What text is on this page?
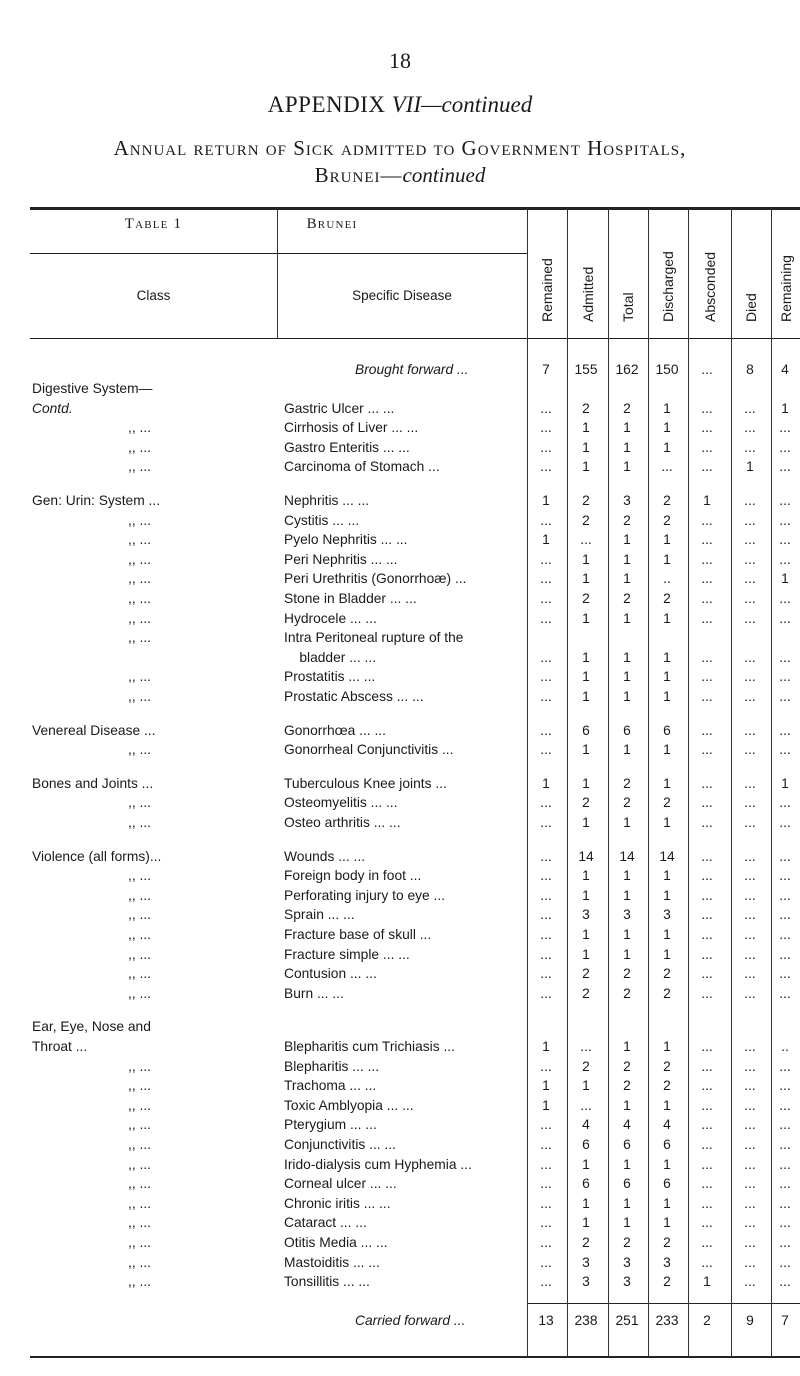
18
APPENDIX VII—continued
Annual return of Sick admitted to Government Hospitals,
Brunei—continued
Table 1	Brunei
Class	Specific Disease	Remained Admitted Total Discharged Absconded Died Remaining
Brought forward ...	7	155	162	150	...	8	4
Digestive System—
Contd.	Gastric Ulcer ... ...	...	2	2	1	...	...	1
,, ...	Cirrhosis of Liver ... ...	...	1	1	1	...	...	...
,, ...	Gastro Enteritis ... ...	...	1	1	1	...	...	...
,, ...	Carcinoma of Stomach ...	...	1	1	...	...	1	...
Gen: Urin: System ...	Nephritis ... ...	1	2	3	2	1	...	...
,, ...	Cystitis ... ...	...	2	2	2	...	...	...
,, ...	Pyelo Nephritis ... ...	1	...	1	1	...	...	...
,, ...	Peri Nephritis ... ...	...	1	1	1	...	...	...
,, ...	Peri Urethritis (Gonorrhoæ) ...	...	1	1	..	...	...	1
,, ...	Stone in Bladder ... ...	...	2	2	2	...	...	...
,, ...	Hydrocele ... ...	...	1	1	1	...	...	...
,, ...	Intra Peritoneal rupture of the
bladder ... ...	...	1	1	1	...	...	...
,, ...	Prostatitis ... ...	...	1	1	1	...	...	...
,, ...	Prostatic Abscess ... ...	...	1	1	1	...	...	...
Venereal Disease ...	Gonorrhœa ... ...	...	6	6	6	...	...	...
,, ...	Gonorrheal Conjunctivitis ...	...	1	1	1	...	...	...
Bones and Joints ...	Tuberculous Knee joints ...	1	1	2	1	...	...	1
,, ...	Osteomyelitis ... ...	...	2	2	2	...	...	...
,, ...	Osteo arthritis ... ...	...	1	1	1	...	...	...
Violence (all forms)...	Wounds ... ...	...	14	14	14	...	...	...
,, ...	Foreign body in foot ...	...	1	1	1	...	...	...
,, ...	Perforating injury to eye ...	...	1	1	1	...	...	...
,, ...	Sprain ... ...	...	3	3	3	...	...	...
,, ...	Fracture base of skull ...	...	1	1	1	...	...	...
,, ...	Fracture simple ... ...	...	1	1	1	...	...	...
,, ...	Contusion ... ...	...	2	2	2	...	...	...
,, ...	Burn ... ...	...	2	2	2	...	...	...
Ear, Eye, Nose and
Throat ...	Blepharitis cum Trichiasis ...	1	...	1	1	...	...	..
,, ...	Blepharitis ... ...	...	2	2	2	...	...	...
,, ...	Trachoma ... ...	1	1	2	2	...	...	...
,, ...	Toxic Amblyopia ... ...	1	...	1	1	...	...	...
,, ...	Pterygium ... ...	...	4	4	4	...	...	...
,, ...	Conjunctivitis ... ...	...	6	6	6	...	...	...
,, ...	Irido-dialysis cum Hyphemia ...	...	1	1	1	...	...	...
,, ...	Corneal ulcer ... ...	...	6	6	6	...	...	...
,, ...	Chronic iritis ... ...	...	1	1	1	...	...	...
,, ...	Cataract ... ...	...	1	1	1	...	...	...
,, ...	Otitis Media ... ...	...	2	2	2	...	...	...
,, ...	Mastoiditis ... ...	...	3	3	3	...	...	...
,, ...	Tonsillitis ... ...	...	3	3	2	1	...	...
Carried forward ...	13	238	251	233	2	9	7
